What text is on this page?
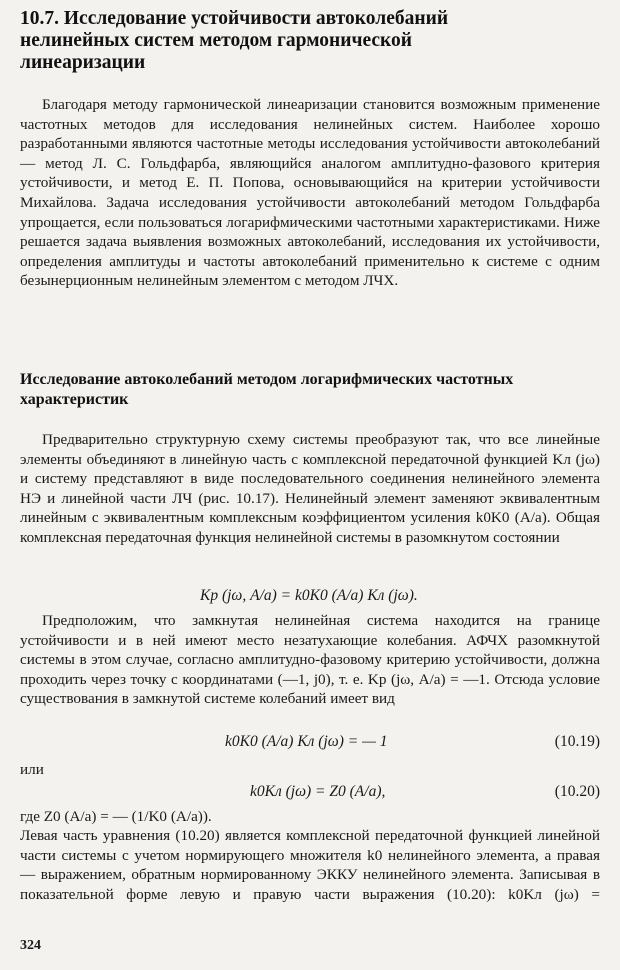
10.7. Исследование устойчивости автоколебаний нелинейных систем методом гармонической линеаризации

Благодаря методу гармонической линеаризации становится возможным применение частотных методов для исследования нелинейных систем. Наиболее хорошо разработанными являются частотные методы исследования устойчивости автоколебаний — метод Л. С. Гольдфарба, являющийся аналогом амплитудно-фазового критерия устойчивости, и метод Е. П. Попова, основывающийся на критерии устойчивости Михайлова. Задача исследования устойчивости автоколебаний методом Гольдфарба упрощается, если пользоваться логарифмическими частотными характеристиками. Ниже решается задача выявления возможных автоколебаний, исследования их устойчивости, определения амплитуды и частоты автоколебаний применительно к системе с одним безынерционным нелинейным элементом с методом ЛЧХ.

Исследование автоколебаний методом логарифмических частотных характеристик

Предварительно структурную схему системы преобразуют так, что все линейные элементы объединяют в линейную часть с комплексной передаточной функцией Kл (jω) и систему представляют в виде последовательного соединения нелинейного элемента НЭ и линейной части ЛЧ (рис. 10.17). Нелинейный элемент заменяют эквивалентным линейным с эквивалентным комплексным коэффициентом усиления k0K0 (A/a). Общая комплексная передаточная функция нелинейной системы в разомкнутом состоянии

Kр (jω, A/a) = k0K0 (A/a) Kл (jω).

Предположим, что замкнутая нелинейная система находится на границе устойчивости и в ней имеют место незатухающие колебания. АФЧХ разомкнутой системы в этом случае, согласно амплитудно-фазовому критерию устойчивости, должна проходить через точку с координатами (—1, j0), т. е. Kр (jω, A/a) = —1. Отсюда условие существования в замкнутой системе колебаний имеет вид

k0K0 (A/a) Kл (jω) = — 1	(10.19)

или

k0Kл (jω) = Z0 (A/a),	(10.20)

где Z0 (A/a) = — (1/K0 (A/a)).

Левая часть уравнения (10.20) является комплексной передаточной функцией линейной части системы с учетом нормирующего множителя k0 нелинейного элемента, а правая — выражением, обратным нормированному ЭККУ нелинейного элемента. Записывая в показательной форме левую и правую части выражения (10.20): k0Kл (jω) =

324
